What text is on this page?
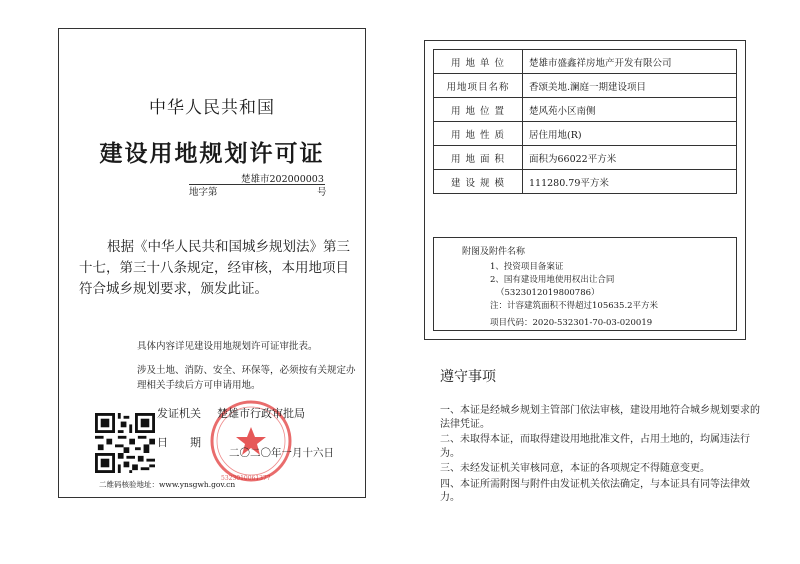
中华人民共和国
建设用地规划许可证
楚雄市202000003
地字第	号
根据《中华人民共和国城乡规划法》第三十七，第三十八条规定，经审核，本用地项目符合城乡规划要求，颁发此证。
具体内容详见建设用地规划许可证审批表。
涉及土地、消防、安全、环保等，必须按有关规定办理相关手续后方可申请用地。
发证机关
日　　期
5323010061377
楚雄市行政审批局
二〇二〇年一月十六日
二维码核验地址：www.ynsgwh.gov.cn
用 地 单 位	楚雄市盛鑫祥房地产开发有限公司
用地项目名称	香颂美地.澜庭一期建设项目
用 地 位 置	楚风苑小区南侧
用 地 性 质	居住用地(R)
用 地 面 积	面积为66022平方米
建 设 规 模	111280.79平方米
附图及附件名称
1、投资项目备案证
2、国有建设用地使用权出让合同
（5323012019800786）
注：计容建筑面积不得超过105635.2平方米
项目代码：2020-532301-70-03-020019
遵守事项
一、本证是经城乡规划主管部门依法审核，建设用地符合城乡规划要求的法律凭证。
二、未取得本证，而取得建设用地批准文件，占用土地的，均属违法行为。
三、未经发证机关审核同意，本证的各项规定不得随意变更。
四、本证所需附图与附件由发证机关依法确定，与本证具有同等法律效力。
